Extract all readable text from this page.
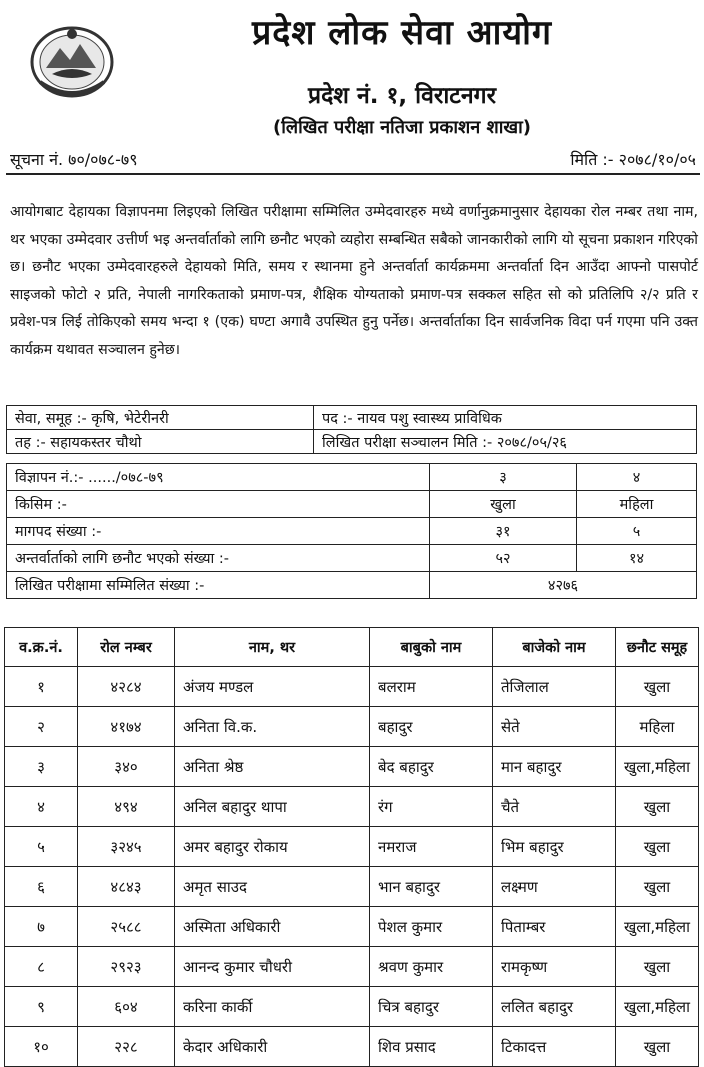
प्रदेश लोक सेवा आयोग
प्रदेश नं. १, विराटनगर
(लिखित परीक्षा नतिजा प्रकाशन शाखा)
सूचना नं. ७०/०७८-७९	मिति :- २०७८/१०/०५
आयोगबाट देहायका विज्ञापनमा लिइएको लिखित परीक्षामा सम्मिलित उम्मेदवारहरु मध्ये वर्णानुक्रमानुसार देहायका रोल नम्बर तथा नाम, थर भएका उम्मेदवार उत्तीर्ण भइ अन्तर्वार्ताको लागि छनौट भएको व्यहोरा सम्बन्धित सबैको जानकारीको लागि यो सूचना प्रकाशन गरिएको छ। छनौट भएका उम्मेदवारहरुले देहायको मिति, समय र स्थानमा हुने अन्तर्वार्ता कार्यक्रममा अन्तर्वार्ता दिन आउँदा आफ्नो पासपोर्ट साइजको फोटो २ प्रति, नेपाली नागरिकताको प्रमाण-पत्र, शैक्षिक योग्यताको प्रमाण-पत्र सक्कल सहित सो को प्रतिलिपि २/२ प्रति र प्रवेश-पत्र लिई तोकिएको समय भन्दा १ (एक) घण्टा अगावै उपस्थित हुनु पर्नेछ। अन्तर्वार्ताका दिन सार्वजनिक विदा पर्न गएमा पनि उक्त कार्यक्रम यथावत सञ्चालन हुनेछ।
सेवा, समूह :- कृषि, भेटेरीनरी	पद :- नायव पशु स्वास्थ्य प्राविधिक
तह :- सहायकस्तर चौथो	लिखित परीक्षा सञ्चालन मिति :- २०७८/०५/२६
विज्ञापन नं.:- ....../०७८-७९	३	४
किसिम :-	खुला	महिला
मागपद संख्या :-	३१	५
अन्तर्वार्ताको लागि छनौट भएको संख्या :-	५२	१४
लिखित परीक्षामा सम्मिलित संख्या :-	४२७६	
व.क्र.नं.	रोल नम्बर	नाम, थर	बाबुको नाम	बाजेको नाम	छनौट समूह
१	४२८४	अंजय मण्डल	बलराम	तेजिलाल	खुला
२	४१७४	अनिता वि.क.	बहादुर	सेते	महिला
३	३४०	अनिता श्रेष्ठ	बेद बहादुर	मान बहादुर	खुला,महिला
४	४९४	अनिल बहादुर थापा	रंग	चैते	खुला
५	३२४५	अमर बहादुर रोकाय	नमराज	भिम बहादुर	खुला
६	४८४३	अमृत साउद	भान बहादुर	लक्ष्मण	खुला
७	२५८८	अस्मिता अधिकारी	पेशल कुमार	पिताम्बर	खुला,महिला
८	२९२३	आनन्द कुमार चौधरी	श्रवण कुमार	रामकृष्ण	खुला
९	६०४	करिना कार्की	चित्र बहादुर	ललित बहादुर	खुला,महिला
१०	२२८	केदार अधिकारी	शिव प्रसाद	टिकादत्त	खुला
